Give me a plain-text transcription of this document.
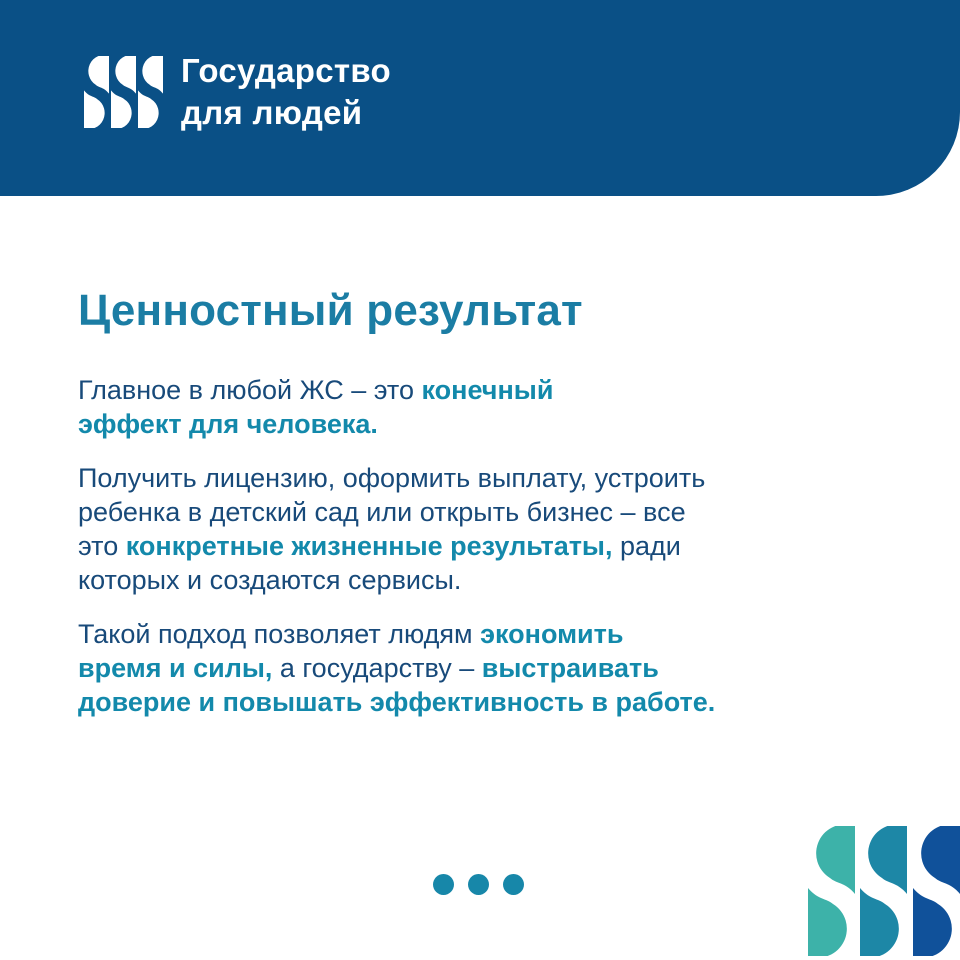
Государство
для людей
Ценностный результат
Главное в любой ЖС – это конечный
эффект для человека.
Получить лицензию, оформить выплату, устроить
ребенка в детский сад или открыть бизнес – все
это конкретные жизненные результаты, ради
которых и создаются сервисы.
Такой подход позволяет людям экономить
время и силы, а государству – выстраивать
доверие и повышать эффективность в работе.
